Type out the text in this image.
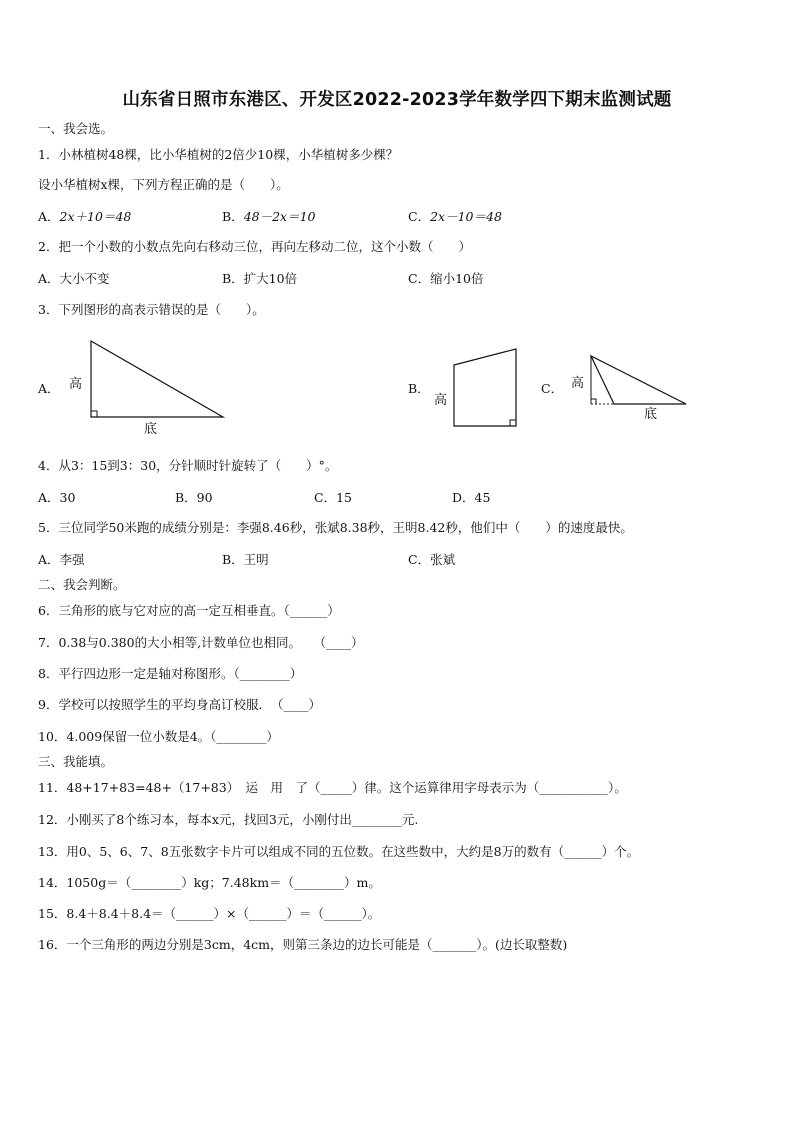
山东省日照市东港区、开发区2022-2023学年数学四下期末监测试题
一、我会选。
1．小林植树48棵，比小华植树的2倍少10棵，小华植树多少棵？
设小华植树x棵，下列方程正确的是（　　）。
A．2x＋10＝48	B．48－2x＝10	C．2x－10＝48
2．把一个小数的小数点先向右移动三位，再向左移动二位，这个小数（　　）
A．大小不变	B．扩大10倍	C．缩小10倍
3．下列图形的高表示错误的是（　　）。
A．	B．	C．
高
底
高
高
底
4．从3：15到3：30，分针顺时针旋转了（　　）°。
A．30	B．90	C．15	D．45
5．三位同学50米跑的成绩分别是：李强8.46秒，张斌8.38秒，王明8.42秒，他们中（　　）的速度最快。
A．李强	B．王明	C．张斌
二、我会判断。
6．三角形的底与它对应的高一定互相垂直。（______）
7．0.38与0.380的大小相等,计数单位也相同。　　（____）
8．平行四边形一定是轴对称图形。（________）
9．学校可以按照学生的平均身高订校服．　（____）
10．4.009保留一位小数是4。（________）
三、我能填。
11．48+17+83=48+（17+83）　运　用　了（_____）律。这个运算律用字母表示为（___________）。
12．小刚买了8个练习本，每本x元，找回3元，小刚付出________元.
13．用0、5、6、7、8五张数字卡片可以组成不同的五位数。在这些数中，大约是8万的数有（______）个。
14．1050g＝（________）kg；7.48km＝（________）m。
15．8.4＋8.4＋8.4＝（______）×（______）＝（______）。
16．一个三角形的两边分别是3cm，4cm，则第三条边的边长可能是（_______）。(边长取整数)
